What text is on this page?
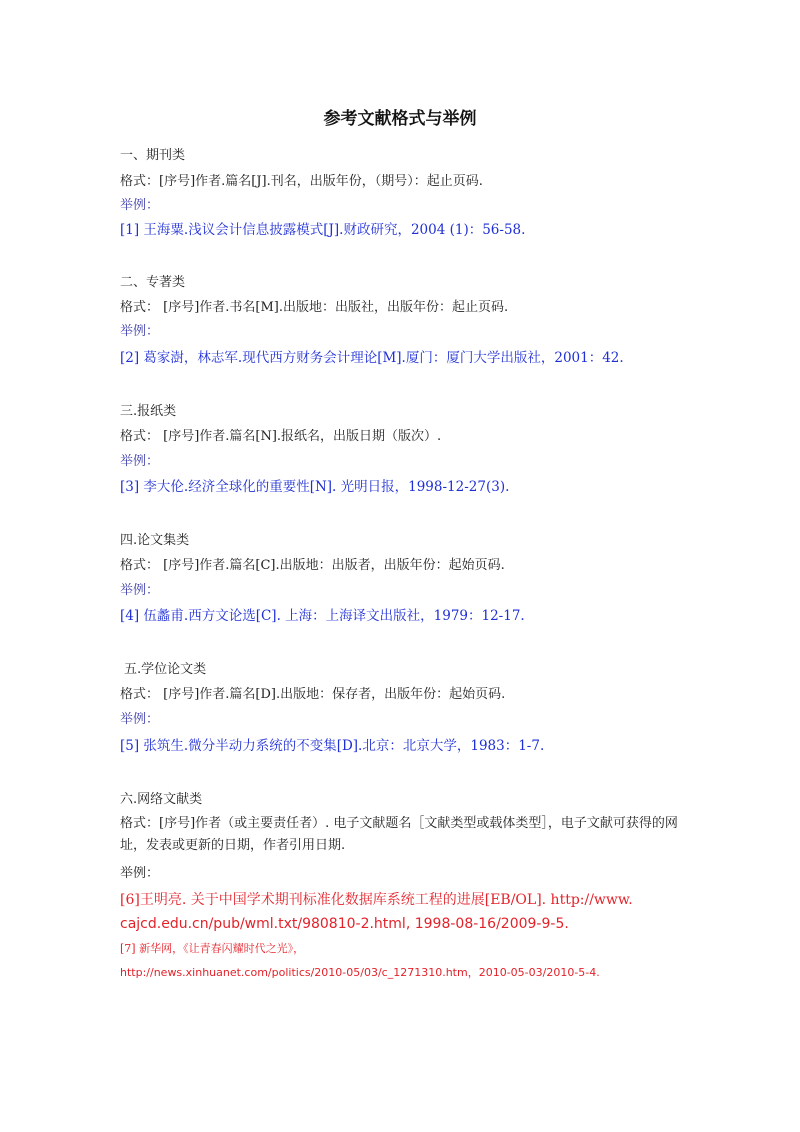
参考文献格式与举例
一、期刊类
格式：[序号]作者.篇名[J].刊名，出版年份，（期号）：起止页码.
举例：
[1] 王海粟.浅议会计信息披露模式[J].财政研究，2004 (1)：56-58.
二、专著类
格式： [序号]作者.书名[M].出版地：出版社，出版年份：起止页码.
举例：
[2] 葛家澍，林志军.现代西方财务会计理论[M].厦门：厦门大学出版社，2001：42.
三.报纸类
格式： [序号]作者.篇名[N].报纸名，出版日期（版次）.
举例：
[3] 李大伦.经济全球化的重要性[N]. 光明日报，1998-12-27(3).
四.论文集类
格式： [序号]作者.篇名[C].出版地：出版者，出版年份：起始页码.
举例：
[4] 伍蠡甫.西方文论选[C]. 上海：上海译文出版社，1979：12-17.
五.学位论文类
格式： [序号]作者.篇名[D].出版地：保存者，出版年份：起始页码.
举例：
[5] 张筑生.微分半动力系统的不变集[D].北京：北京大学，1983：1-7.
六.网络文献类
格式：[序号]作者（或主要责任者）. 电子文献题名［文献类型或载体类型］，电子文献可获得的网址，发表或更新的日期，作者引用日期.
举例：
[6]王明亮. 关于中国学术期刊标准化数据库系统工程的进展[EB/OL]. http://www.
cajcd.edu.cn/pub/wml.txt/980810-2.html, 1998-08-16/2009-9-5.
[7] 新华网，《让青春闪耀时代之光》，
http://news.xinhuanet.com/politics/2010-05/03/c_1271310.htm，2010-05-03/2010-5-4.
